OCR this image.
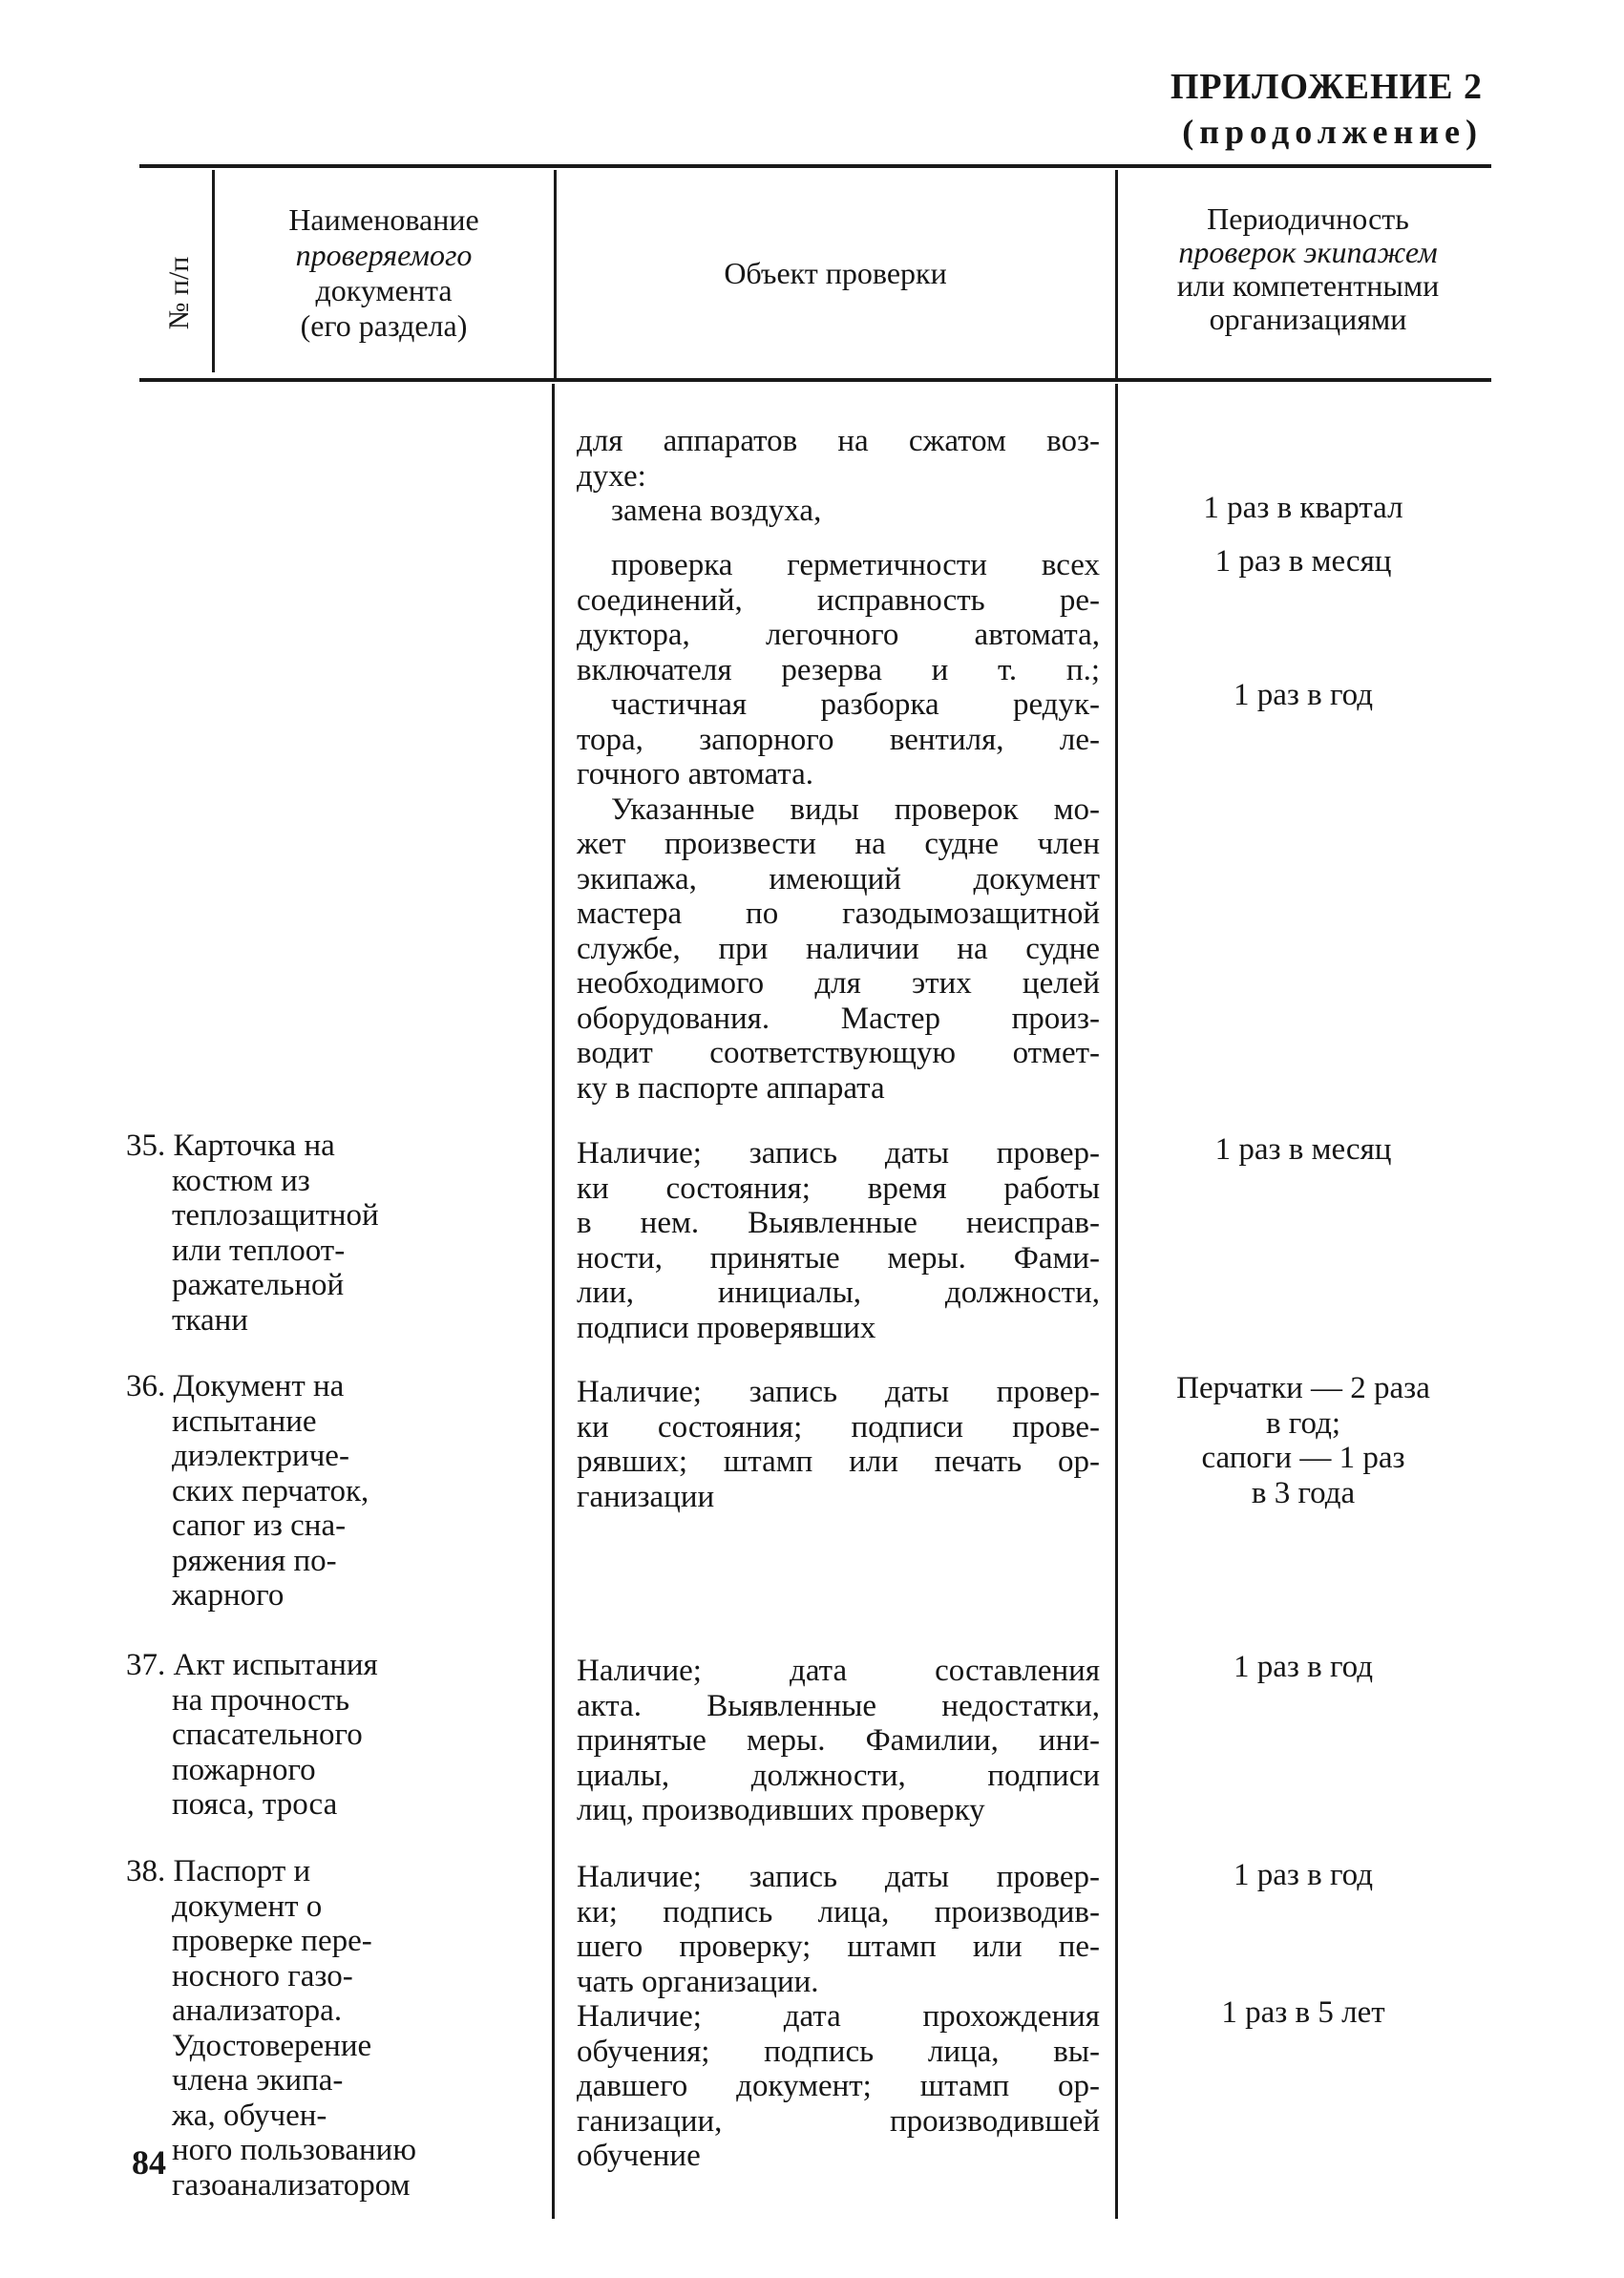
ПРИЛОЖЕНИЕ 2
(продолжение)
№ п/п
Наименование
проверяемого
документа
(его раздела)
Объект проверки
Периодичность
проверок экипажем
или компетентными
организациями
для аппаратов на сжатом воз-
духе:
замена воздуха,	1 раз в квартал
проверка герметичности всех
соединений, исправность ре-
дуктора, легочного автомата,
включателя резерва и т. п.;
частичная разборка редук-
тора, запорного вентиля, ле-
гочного автомата.
Указанные виды проверок мо-
жет произвести на судне член
экипажа, имеющий документ
мастера по газодымозащитной
службе, при наличии на судне
необходимого для этих целей
оборудования. Мастер произ-
водит соответствующую отмет-
ку в паспорте аппарата
1 раз в месяц
1 раз в год
35. Карточка на
костюм из
теплозащитной
или теплоот-
ражательной
ткани
Наличие; запись даты провер-
ки состояния; время работы
в нем. Выявленные неисправ-
ности, принятые меры. Фами-
лии, инициалы, должности,
подписи проверявших
1 раз в месяц
36. Документ на
испытание
диэлектриче-
ских перчаток,
сапог из сна-
ряжения по-
жарного
Наличие; запись даты провер-
ки состояния; подписи прове-
рявших; штамп или печать ор-
ганизации
Перчатки — 2 раза
в год;
сапоги — 1 раз
в 3 года
37. Акт испытания
на прочность
спасательного
пожарного
пояса, троса
Наличие; дата составления
акта. Выявленные недостатки,
принятые меры. Фамилии, ини-
циалы, должности, подписи
лиц, производивших проверку
1 раз в год
38. Паспорт и
документ о
проверке пере-
носного газо-
анализатора.
Удостоверение
члена экипа-
жа, обучен-
ного пользованию
газоанализатором
Наличие; запись даты провер-
ки; подпись лица, производив-
шего проверку; штамп или пе-
чать организации.
Наличие; дата прохождения
обучения; подпись лица, вы-
давшего документ; штамп ор-
ганизации, производившей
обучение
1 раз в год
1 раз в 5 лет
84
